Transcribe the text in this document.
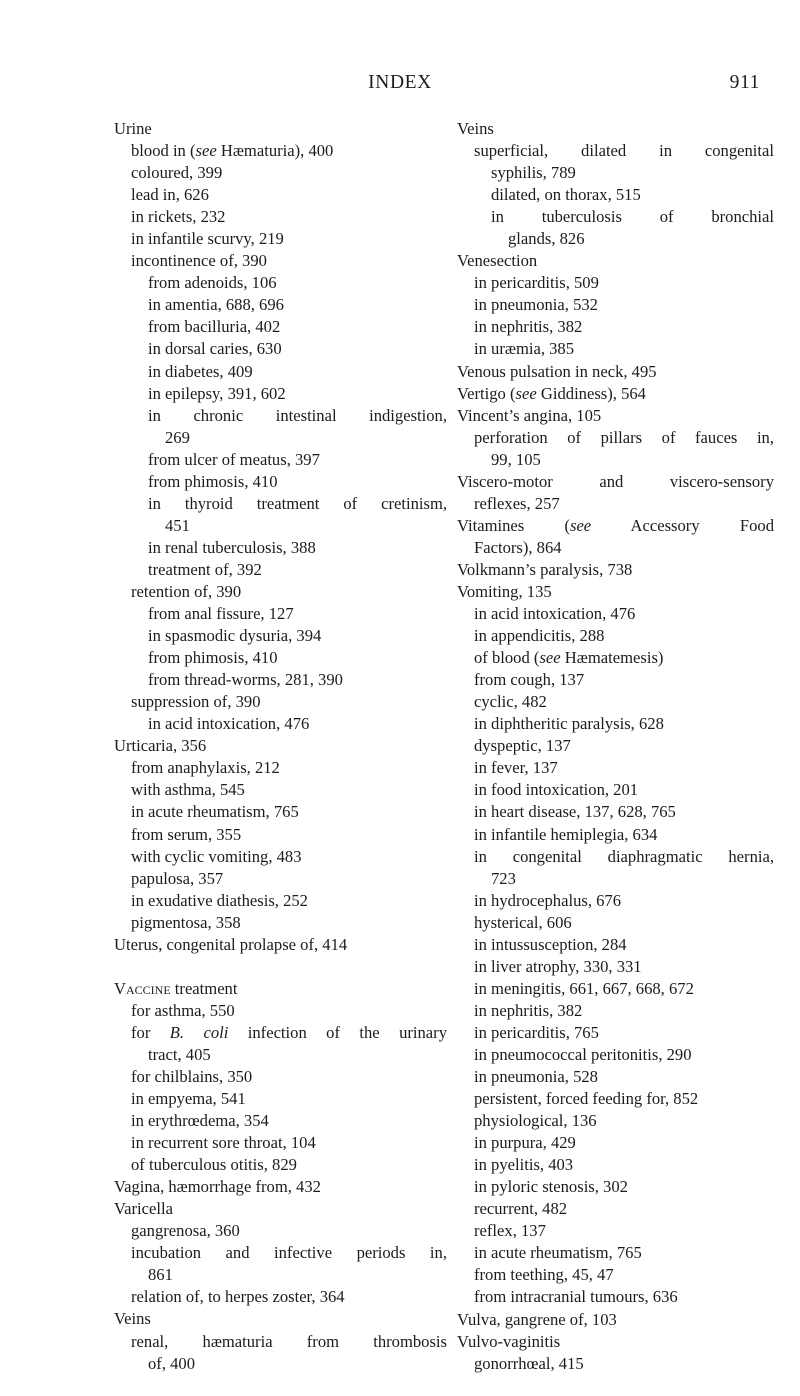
INDEX	911
Urine
blood in (see Hæmaturia), 400
coloured, 399
lead in, 626
in rickets, 232
in infantile scurvy, 219
incontinence of, 390
from adenoids, 106
in amentia, 688, 696
from bacilluria, 402
in dorsal caries, 630
in diabetes, 409
in epilepsy, 391, 602
in chronic intestinal indigestion,
269
from ulcer of meatus, 397
from phimosis, 410
in thyroid treatment of cretinism,
451
in renal tuberculosis, 388
treatment of, 392
retention of, 390
from anal fissure, 127
in spasmodic dysuria, 394
from phimosis, 410
from thread-worms, 281, 390
suppression of, 390
in acid intoxication, 476
Urticaria, 356
from anaphylaxis, 212
with asthma, 545
in acute rheumatism, 765
from serum, 355
with cyclic vomiting, 483
papulosa, 357
in exudative diathesis, 252
pigmentosa, 358
Uterus, congenital prolapse of, 414
Vaccine treatment
for asthma, 550
for B. coli infection of the urinary
tract, 405
for chilblains, 350
in empyema, 541
in erythrœdema, 354
in recurrent sore throat, 104
of tuberculous otitis, 829
Vagina, hæmorrhage from, 432
Varicella
gangrenosa, 360
incubation and infective periods in,
861
relation of, to herpes zoster, 364
Veins
renal, hæmaturia from thrombosis
of, 400
Veins
superficial, dilated in congenital
syphilis, 789
dilated, on thorax, 515
in tuberculosis of bronchial
glands, 826
Venesection
in pericarditis, 509
in pneumonia, 532
in nephritis, 382
in uræmia, 385
Venous pulsation in neck, 495
Vertigo (see Giddiness), 564
Vincent’s angina, 105
perforation of pillars of fauces in,
99, 105
Viscero-motor and viscero-sensory
reflexes, 257
Vitamines (see Accessory Food
Factors), 864
Volkmann’s paralysis, 738
Vomiting, 135
in acid intoxication, 476
in appendicitis, 288
of blood (see Hæmatemesis)
from cough, 137
cyclic, 482
in diphtheritic paralysis, 628
dyspeptic, 137
in fever, 137
in food intoxication, 201
in heart disease, 137, 628, 765
in infantile hemiplegia, 634
in congenital diaphragmatic hernia,
723
in hydrocephalus, 676
hysterical, 606
in intussusception, 284
in liver atrophy, 330, 331
in meningitis, 661, 667, 668, 672
in nephritis, 382
in pericarditis, 765
in pneumococcal peritonitis, 290
in pneumonia, 528
persistent, forced feeding for, 852
physiological, 136
in purpura, 429
in pyelitis, 403
in pyloric stenosis, 302
recurrent, 482
reflex, 137
in acute rheumatism, 765
from teething, 45, 47
from intracranial tumours, 636
Vulva, gangrene of, 103
Vulvo-vaginitis
gonorrhœal, 415
